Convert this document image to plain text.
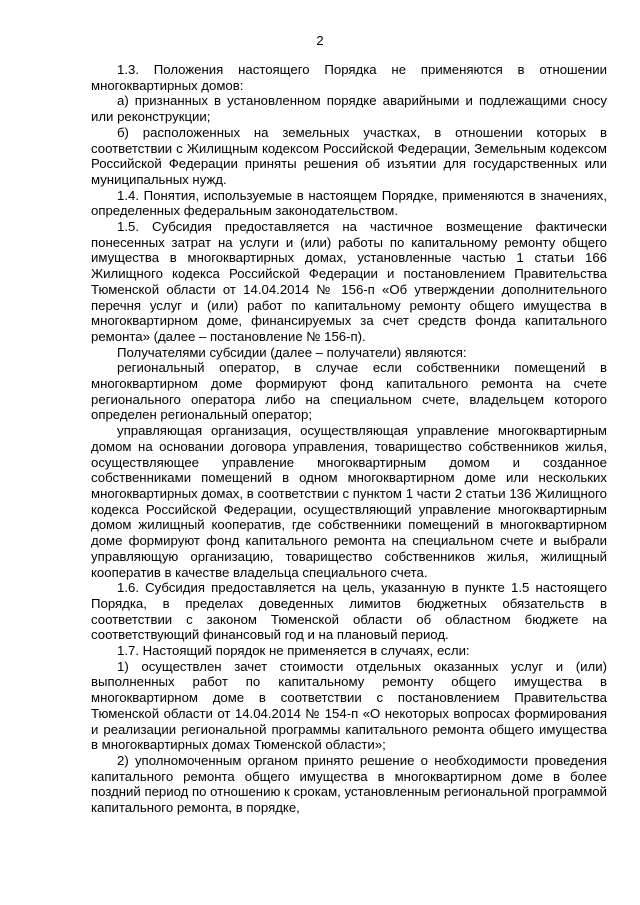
2

1.3. Положения настоящего Порядка не применяются в отношении многоквартирных домов:

а) признанных в установленном порядке аварийными и подлежащими сносу или реконструкции;

б) расположенных на земельных участках, в отношении которых в соответствии с Жилищным кодексом Российской Федерации, Земельным кодексом Российской Федерации приняты решения об изъятии для государственных или муниципальных нужд.

1.4. Понятия, используемые в настоящем Порядке, применяются в значениях, определенных федеральным законодательством.

1.5. Субсидия предоставляется на частичное возмещение фактически понесенных затрат на услуги и (или) работы по капитальному ремонту общего имущества в многоквартирных домах, установленные частью 1 статьи 166 Жилищного кодекса Российской Федерации и постановлением Правительства Тюменской области от 14.04.2014 № 156-п «Об утверждении дополнительного перечня услуг и (или) работ по капитальному ремонту общего имущества в многоквартирном доме, финансируемых за счет средств фонда капитального ремонта» (далее – постановление № 156-п).

Получателями субсидии (далее – получатели) являются:

региональный оператор, в случае если собственники помещений в многоквартирном доме формируют фонд капитального ремонта на счете регионального оператора либо на специальном счете, владельцем которого определен региональный оператор;

управляющая организация, осуществляющая управление многоквартирным домом на основании договора управления, товарищество собственников жилья, осуществляющее управление многоквартирным домом и созданное собственниками помещений в одном многоквартирном доме или нескольких многоквартирных домах, в соответствии с пунктом 1 части 2 статьи 136 Жилищного кодекса Российской Федерации, осуществляющий управление многоквартирным домом жилищный кооператив, где собственники помещений в многоквартирном доме формируют фонд капитального ремонта на специальном счете и выбрали управляющую организацию, товарищество собственников жилья, жилищный кооператив в качестве владельца специального счета.

1.6. Субсидия предоставляется на цель, указанную в пункте 1.5 настоящего Порядка, в пределах доведенных лимитов бюджетных обязательств в соответствии с законом Тюменской области об областном бюджете на соответствующий финансовый год и на плановый период.

1.7. Настоящий порядок не применяется в случаях, если:

1) осуществлен зачет стоимости отдельных оказанных услуг и (или) выполненных работ по капитальному ремонту общего имущества в многоквартирном доме в соответствии с постановлением Правительства Тюменской области от 14.04.2014 № 154-п «О некоторых вопросах формирования и реализации региональной программы капитального ремонта общего имущества в многоквартирных домах Тюменской области»;

2) уполномоченным органом принято решение о необходимости проведения капитального ремонта общего имущества в многоквартирном доме в более поздний период по отношению к срокам, установленным региональной программой капитального ремонта, в порядке,
